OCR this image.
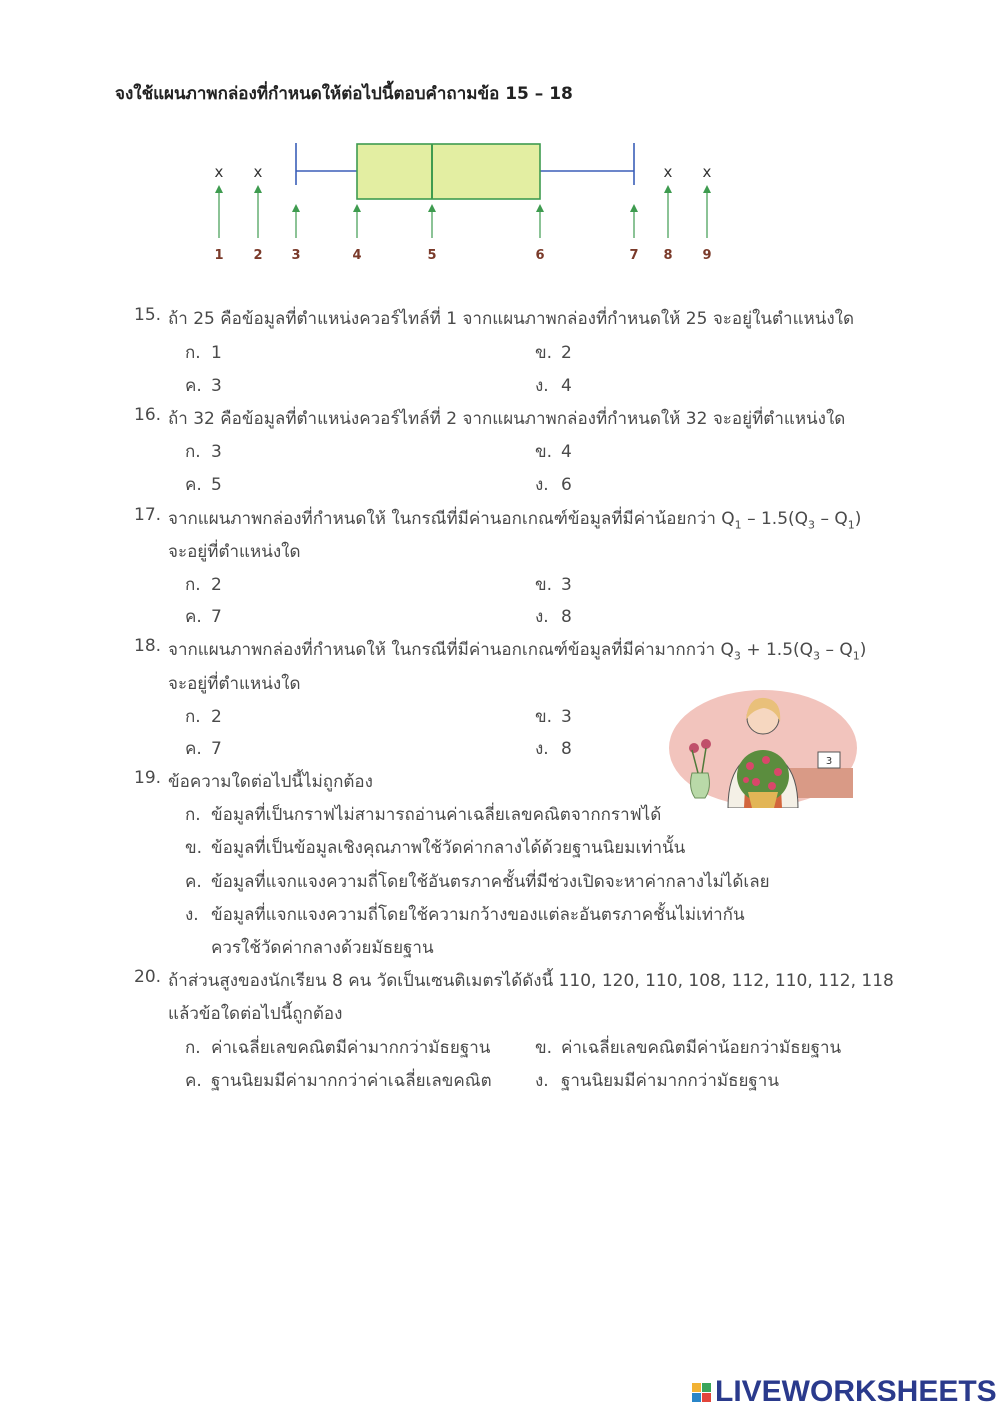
จงใช้แผนภาพกล่องที่กำหนดให้ต่อไปนี้ตอบคำถามข้อ 15 – 18
x x	x x
1 2 3	4	5	6	7 8 9
15. ถ้า 25 คือข้อมูลที่ตำแหน่งควอร์ไทล์ที่ 1 จากแผนภาพกล่องที่กำหนดให้ 25 จะอยู่ในตำแหน่งใด
ก. 1	ข. 2
ค. 3	ง. 4
16. ถ้า 32 คือข้อมูลที่ตำแหน่งควอร์ไทล์ที่ 2 จากแผนภาพกล่องที่กำหนดให้ 32 จะอยู่ที่ตำแหน่งใด
ก. 3	ข. 4
ค. 5	ง. 6
17. จากแผนภาพกล่องที่กำหนดให้ ในกรณีที่มีค่านอกเกณฑ์ข้อมูลที่มีค่าน้อยกว่า $Q_1 - 1.5(Q_3 - Q_1)$
จะอยู่ที่ตำแหน่งใด
ก. 2	ข. 3
ค. 7	ง. 8
18. จากแผนภาพกล่องที่กำหนดให้ ในกรณีที่มีค่านอกเกณฑ์ข้อมูลที่มีค่ามากกว่า $Q_3 + 1.5(Q_3 - Q_1)$
จะอยู่ที่ตำแหน่งใด
ก. 2	ข. 3
ค. 7	ง. 8
3
19. ข้อความใดต่อไปนี้ไม่ถูกต้อง
ก. ข้อมูลที่เป็นกราฟไม่สามารถอ่านค่าเฉลี่ยเลขคณิตจากกราฟได้
ข. ข้อมูลที่เป็นข้อมูลเชิงคุณภาพใช้วัดค่ากลางได้ด้วยฐานนิยมเท่านั้น
ค. ข้อมูลที่แจกแจงความถี่โดยใช้อันตรภาคชั้นที่มีช่วงเปิดจะหาค่ากลางไม่ได้เลย
ง. ข้อมูลที่แจกแจงความถี่โดยใช้ความกว้างของแต่ละอันตรภาคชั้นไม่เท่ากัน
ควรใช้วัดค่ากลางด้วยมัธยฐาน
20. ถ้าส่วนสูงของนักเรียน 8 คน วัดเป็นเซนติเมตรได้ดังนี้ 110, 120, 110, 108, 112, 110, 112, 118
แล้วข้อใดต่อไปนี้ถูกต้อง
ก. ค่าเฉลี่ยเลขคณิตมีค่ามากกว่ามัธยฐาน	ข. ค่าเฉลี่ยเลขคณิตมีค่าน้อยกว่ามัธยฐาน
ค. ฐานนิยมมีค่ามากกว่าค่าเฉลี่ยเลขคณิต	ง. ฐานนิยมมีค่ามากกว่ามัธยฐาน
LIVEWORKSHEETS
